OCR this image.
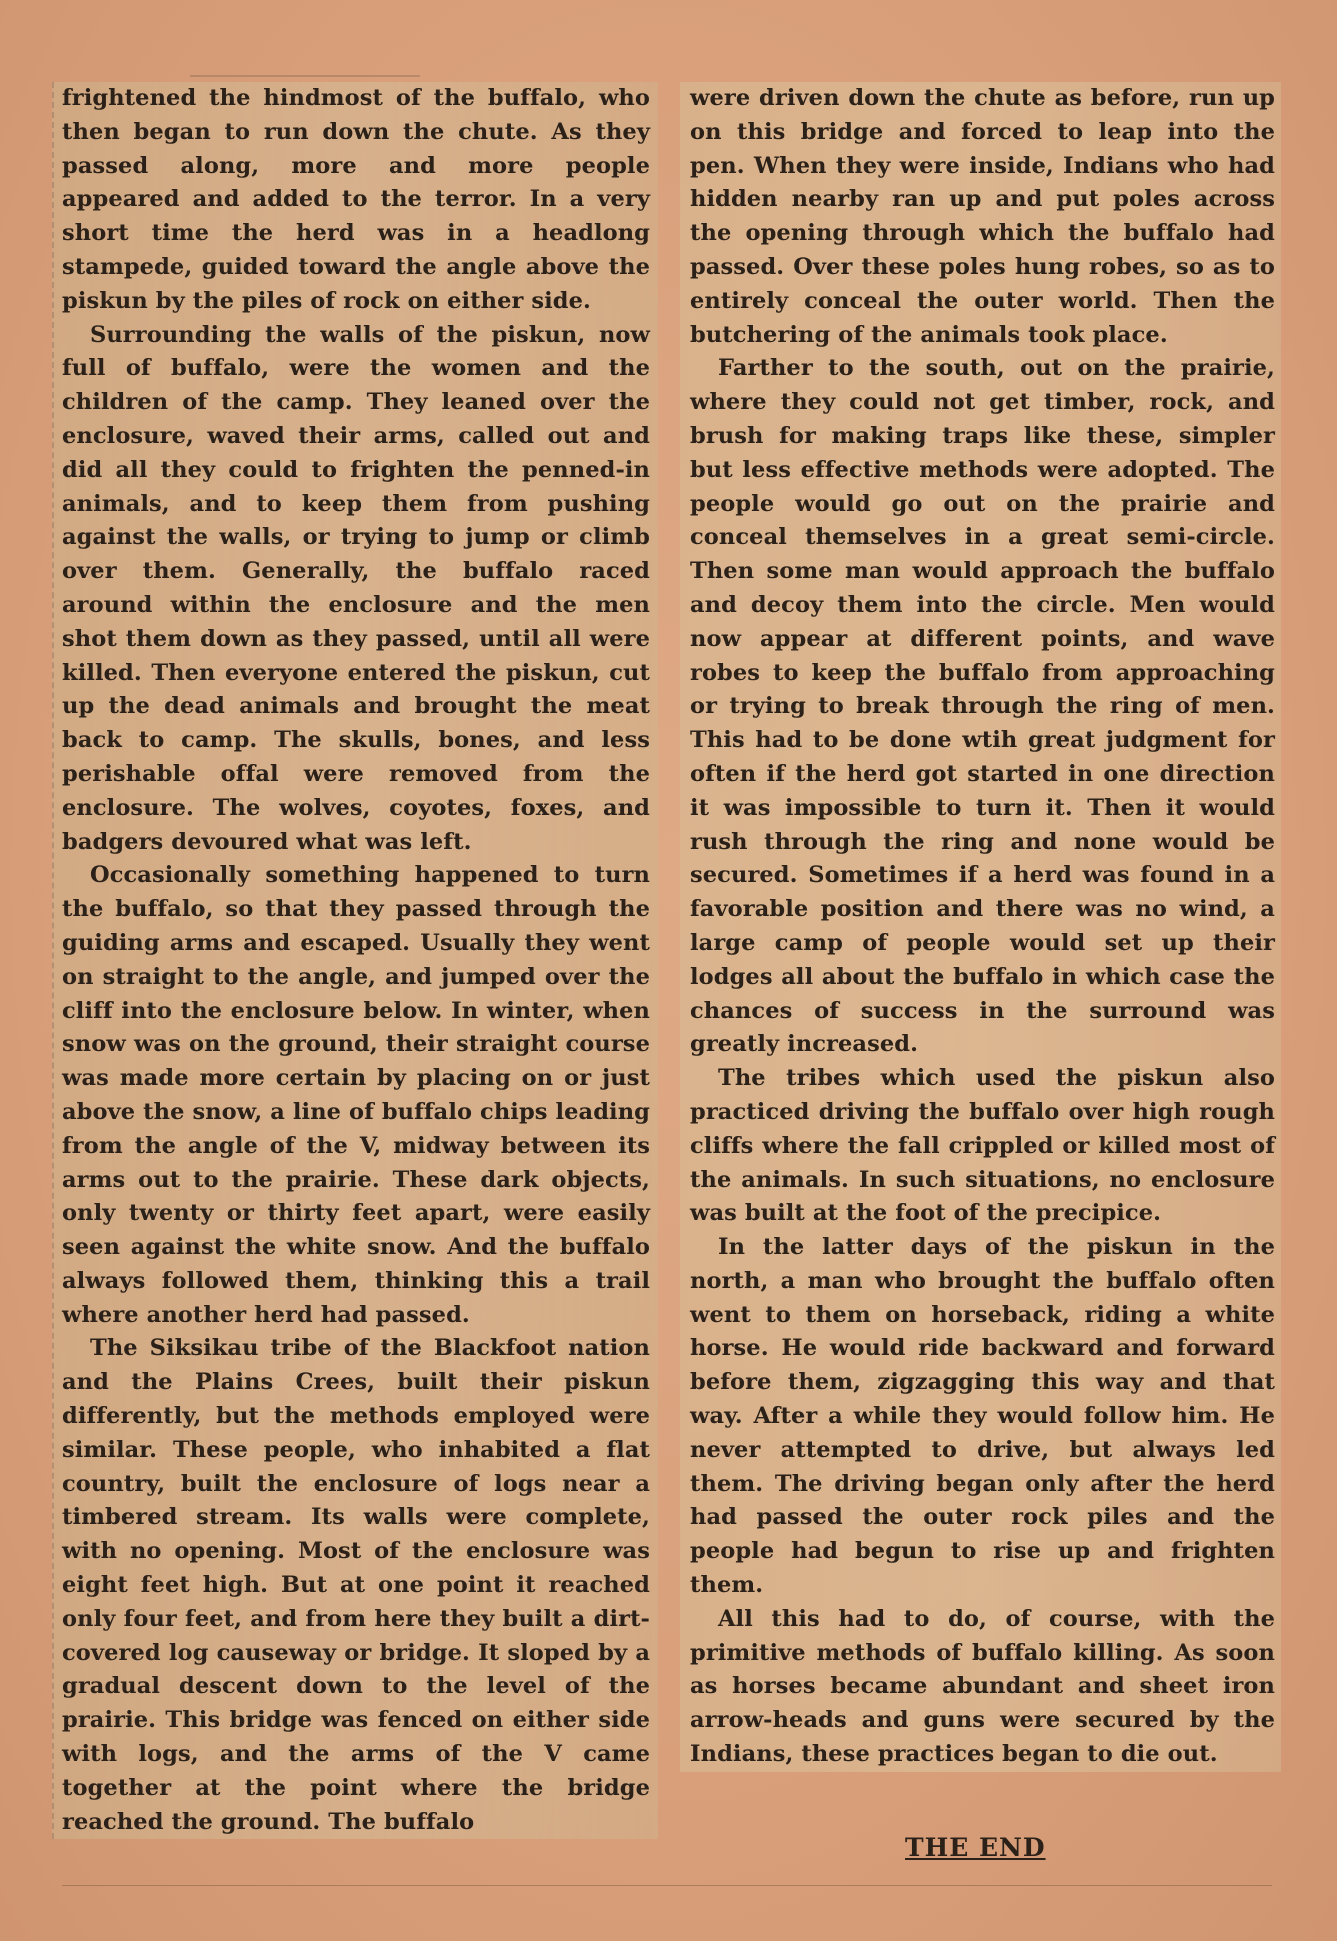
frightened the hindmost of the buffalo, who then began to run down the chute. As they passed along, more and more people appeared and added to the terror. In a very short time the herd was in a headlong stampede, guided toward the angle above the piskun by the piles of rock on either side.

Surrounding the walls of the piskun, now full of buffalo, were the women and the children of the camp. They leaned over the enclosure, waved their arms, called out and did all they could to frighten the penned-in animals, and to keep them from pushing against the walls, or trying to jump or climb over them. Generally, the buffalo raced around within the enclosure and the men shot them down as they passed, until all were killed. Then everyone entered the piskun, cut up the dead animals and brought the meat back to camp. The skulls, bones, and less perishable offal were removed from the enclosure. The wolves, coyotes, foxes, and badgers devoured what was left.

Occasionally something happened to turn the buffalo, so that they passed through the guiding arms and escaped. Usually they went on straight to the angle, and jumped over the cliff into the enclosure below. In winter, when snow was on the ground, their straight course was made more certain by placing on or just above the snow, a line of buffalo chips leading from the angle of the V, midway between its arms out to the prairie. These dark objects, only twenty or thirty feet apart, were easily seen against the white snow. And the buffalo always followed them, thinking this a trail where another herd had passed.

The Siksikau tribe of the Blackfoot nation and the Plains Crees, built their piskun differently, but the methods employed were similar. These people, who inhabited a flat country, built the enclosure of logs near a timbered stream. Its walls were complete, with no opening. Most of the enclosure was eight feet high. But at one point it reached only four feet, and from here they built a dirt-covered log causeway or bridge. It sloped by a gradual descent down to the level of the prairie. This bridge was fenced on either side with logs, and the arms of the V came together at the point where the bridge reached the ground. The buffalo

were driven down the chute as before, run up on this bridge and forced to leap into the pen. When they were inside, Indians who had hidden nearby ran up and put poles across the opening through which the buffalo had passed. Over these poles hung robes, so as to entirely conceal the outer world. Then the butchering of the animals took place.

Farther to the south, out on the prairie, where they could not get timber, rock, and brush for making traps like these, simpler but less effective methods were adopted. The people would go out on the prairie and conceal themselves in a great semi-circle. Then some man would approach the buffalo and decoy them into the circle. Men would now appear at different points, and wave robes to keep the buffalo from approaching or trying to break through the ring of men. This had to be done wtih great judgment for often if the herd got started in one direction it was impossible to turn it. Then it would rush through the ring and none would be secured. Sometimes if a herd was found in a favorable position and there was no wind, a large camp of people would set up their lodges all about the buffalo in which case the chances of success in the surround was greatly increased.

The tribes which used the piskun also practiced driving the buffalo over high rough cliffs where the fall crippled or killed most of the animals. In such situations, no enclosure was built at the foot of the precipice.

In the latter days of the piskun in the north, a man who brought the buffalo often went to them on horseback, riding a white horse. He would ride backward and forward before them, zigzagging this way and that way. After a while they would follow him. He never attempted to drive, but always led them. The driving began only after the herd had passed the outer rock piles and the people had begun to rise up and frighten them.

All this had to do, of course, with the primitive methods of buffalo killing. As soon as horses became abundant and sheet iron arrow-heads and guns were secured by the Indians, these practices began to die out.

THE END
